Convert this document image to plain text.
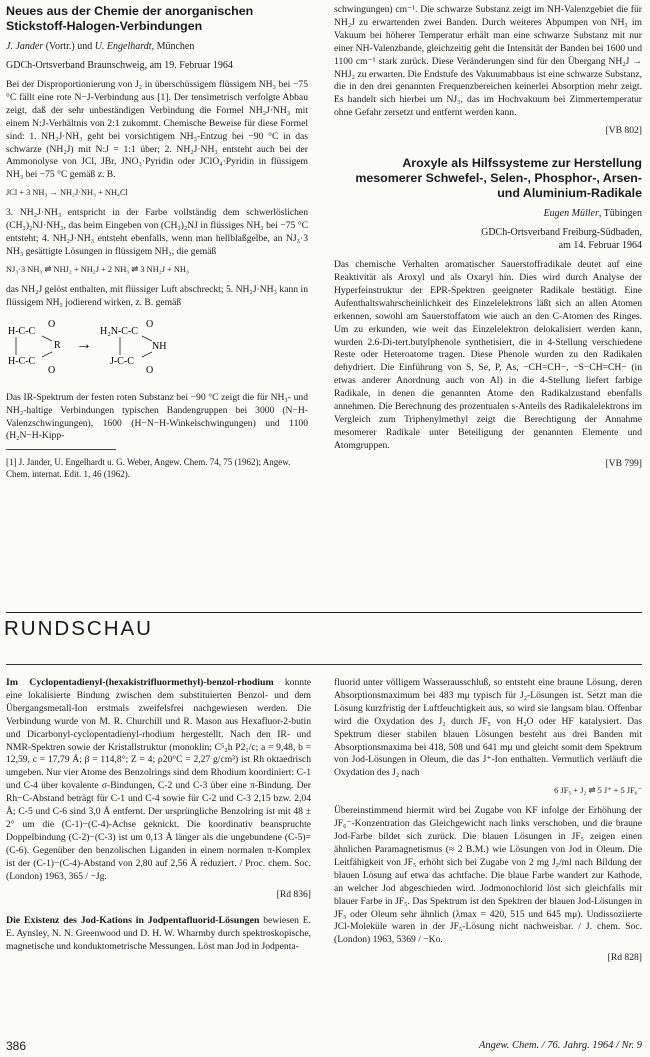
Neues aus der Chemie der anorganischen Stickstoff-Halogen-Verbindungen

J. Jander (Vortr.) und U. Engelhardt, München

GDCh-Ortsverband Braunschweig, am 19. Februar 1964

Bei der Disproportionierung von J₂ in überschüssigem flüssigem NH₃ bei −75 °C fällt eine rote N−J-Verbindung aus [1]. Der tensimetrisch verfolgte Abbau zeigt, daß der sehr unbeständigen Verbindung die Formel NH₂J·NH₃ mit einem N:J-Verhältnis von 2:1 zukommt. Chemische Beweise für diese Formel sind: 1. NH₂J·NH₃ geht bei vorsichtigem NH₃-Entzug bei −90 °C in das schwarze (NH₂J) mit N:J = 1:1 über; 2. NH₂J·NH₃ entsteht auch bei der Ammonolyse von JCl, JBr, JNO₃·Pyridin oder JClO₄·Pyridin in flüssigem NH₃ bei −75 °C gemäß z. B.

JCl + 3 NH₃ → NH₂J·NH₃ + NH₄Cl

3. NH₂J·NH₃ entspricht in der Farbe vollständig dem schwerlöslichen (CH₃)₂NJ·NH₃, das beim Eingeben von (CH₃)₂NJ in flüssiges NH₃ bei −75 °C entsteht; 4. NH₂J·NH₃ entsteht ebenfalls, wenn man hellblaßgelbe, an NJ₃·3 NH₃ gesättigte Lösungen in flüssigem NH₃, die gemäß

NJ₃·3 NH₃ ⇌ NHJ₂ + NH₂J + 2 NH₃ ⇌ 3 NH₂J + NH₃

das NH₂J gelöst enthalten, mit flüssiger Luft abschreckt; 5. NH₂J·NH₃ kann in flüssigem NH₃ jodierend wirken, z. B. gemäß

H-C-C
O
R
H-C-C
O
→
H₂N-C-C
O
NH
J-C-C
O

Das IR-Spektrum der festen roten Substanz bei −90 °C zeigt die für NH₃- und NH₂-haltige Verbindungen typischen Bandengruppen bei 3000 (N−H-Valenzschwingungen), 1600 (H−N−H-Winkelschwingungen) und 1100 (H₂N−H-Kipp-

[1] J. Jander, U. Engelhardt u. G. Weber, Angew. Chem. 74, 75 (1962); Angew. Chem. internat. Edit. 1, 46 (1962).

schwingungen) cm⁻¹. Die schwarze Substanz zeigt im NH-Valenzgebiet die für NH₂J zu erwartenden zwei Banden. Durch weiteres Abpumpen von NH₃ im Vakuum bei höherer Temperatur erhält man eine schwarze Substanz mit nur einer NH-Valenzbande, gleichzeitig geht die Intensität der Banden bei 1600 und 1100 cm⁻¹ stark zurück. Diese Veränderungen sind für den Übergang NH₂J → NHJ₂ zu erwarten. Die Endstufe des Vakuumabbaus ist eine schwarze Substanz, die in den drei genannten Frequenzbereichen keinerlei Absorption mehr zeigt. Es handelt sich hierbei um NJ₃, das im Hochvakuum bei Zimmertemperatur ohne Gefahr zersetzt und entfernt werden kann.

[VB 802]

Aroxyle als Hilfssysteme zur Herstellung mesomerer Schwefel-, Selen-, Phosphor-, Arsen- und Aluminium-Radikale

Eugen Müller, Tübingen

GDCh-Ortsverband Freiburg-Südbaden,
am 14. Februar 1964

Das chemische Verhalten aromatischer Sauerstoffradikale deutet auf eine Reaktivität als Aroxyl und als Oxaryl hin. Dies wird durch Analyse der Hyperfeinstruktur der EPR-Spektren geeigneter Radikale bestätigt. Eine Aufenthaltswahrscheinlichkeit des Einzelelektrons läßt sich an allen Atomen erkennen, sowohl am Sauerstoffatom wie auch an den C-Atomen des Ringes. Um zu erkunden, wie weit das Einzelelektron delokalisiert werden kann, wurden 2.6-Di-tert.butylphenole synthetisiert, die in 4-Stellung verschiedene Reste oder Heteroatome tragen. Diese Phenole wurden zu den Radikalen dehydriert. Die Einführung von S, Se, P, As, −CH=CH−, −S−CH=CH− (in etwas anderer Anordnung auch von Al) in die 4-Stellung liefert farbige Radikale, in denen die genannten Atome den Radikalzustand ebenfalls annehmen. Die Berechnung des prozentualen s-Anteils des Radikalelektrons im Vergleich zum Triphenylmethyl zeigt die Berechtigung der Annahme mesomerer Radikale unter Beteiligung der genannten Elemente und Atomgruppen.

[VB 799]

RUNDSCHAU

Im Cyclopentadienyl-(hexakistrifluormethyl)-benzol-rhodium konnte eine lokalisierte Bindung zwischen dem substituierten Benzol- und dem Übergangsmetall-Ion erstmals zweifelsfrei nachgewiesen werden. Die Verbindung wurde von M. R. Churchill und R. Mason aus Hexafluor-2-butin und Dicarbonyl-cyclopentadienyl-rhodium hergestellt. Nach den IR- und NMR-Spektren sowie der Kristallstruktur (monoklin; C⁵₂h P2₁/c; a = 9,48, b = 12,59, c = 17,79 Å; β = 114,8°; Z = 4; ρ20°C = 2,27 g/cm³) ist Rh oktaedrisch umgeben. Nur vier Atome des Benzolrings sind dem Rhodium koordiniert: C-1 und C-4 über kovalente σ-Bindungen, C-2 und C-3 über eine π-Bindung. Der Rh−C-Abstand beträgt für C-1 und C-4 sowie für C-2 und C-3 2,15 bzw. 2,04 Å; C-5 und C-6 sind 3,0 Å entfernt. Der ursprüngliche Benzolring ist mit 48 ± 2° um die (C-1)−(C-4)-Achse geknickt. Die koordinativ beanspruchte Doppelbindung (C-2)−(C-3) ist um 0,13 Å länger als die ungebundene (C-5)=(C-6). Gegenüber den benzolischen Liganden in einem normalen π-Komplex ist der (C-1)−(C-4)-Abstand von 2,80 auf 2,56 Å reduziert. / Proc. chem. Soc. (London) 1963, 365 / −Jg.

[Rd 836]

Die Existenz des Jod-Kations in Jodpentafluorid-Lösungen bewiesen E. E. Aynsley, N. N. Greenwood und D. H. W. Wharmby durch spektroskopische, magnetische und konduktometrische Messungen. Löst man Jod in Jodpenta-

fluorid unter völligem Wasserausschluß, so entsteht eine braune Lösung, deren Absorptionsmaximum bei 483 mμ typisch für J₂-Lösungen ist. Setzt man die Lösung kurzfristig der Luftfeuchtigkeit aus, so wird sie langsam blau. Offenbar wird die Oxydation des J₂ durch JF₅ von H₂O oder HF katalysiert. Das Spektrum dieser stabilen blauen Lösungen besteht aus drei Banden mit Absorptionsmaxima bei 418, 508 und 641 mμ und gleicht somit dem Spektrum von Jod-Lösungen in Oleum, die das J⁺-Ion enthalten. Vermutlich verläuft die Oxydation des J₂ nach

6 JF₅ + J₂ ⇌ 5 J⁺ + 5 JF₆⁻

Übereinstimmend hiermit wird bei Zugabe von KF infolge der Erhöhung der JF₆⁻-Konzentration das Gleichgewicht nach links verschoben, und die braune Jod-Farbe bildet sich zurück. Die blauen Lösungen in JF₅ zeigen einen ähnlichen Paramagnetismus (≈ 2 B.M.) wie Lösungen von Jod in Oleum. Die Leitfähigkeit von JF₅ erhöht sich bei Zugabe von 2 mg J₂/ml nach Bildung der blauen Lösung auf etwa das achtfache. Die blaue Farbe wandert zur Kathode, an welcher Jod abgeschieden wird. Jodmonochlorid löst sich gleichfalls mit blauer Farbe in JF₅. Das Spektrum ist den Spektren der blauen Jod-Lösungen in JF₅ oder Oleum sehr ähnlich (λmax = 420, 515 und 645 mμ). Undissoziierte JCl-Moleküle waren in der JF₅-Lösung nicht nachweisbar. / J. chem. Soc. (London) 1963, 5369 / −Ko.

[Rd 828]

386	Angew. Chem. / 76. Jahrg. 1964 / Nr. 9
